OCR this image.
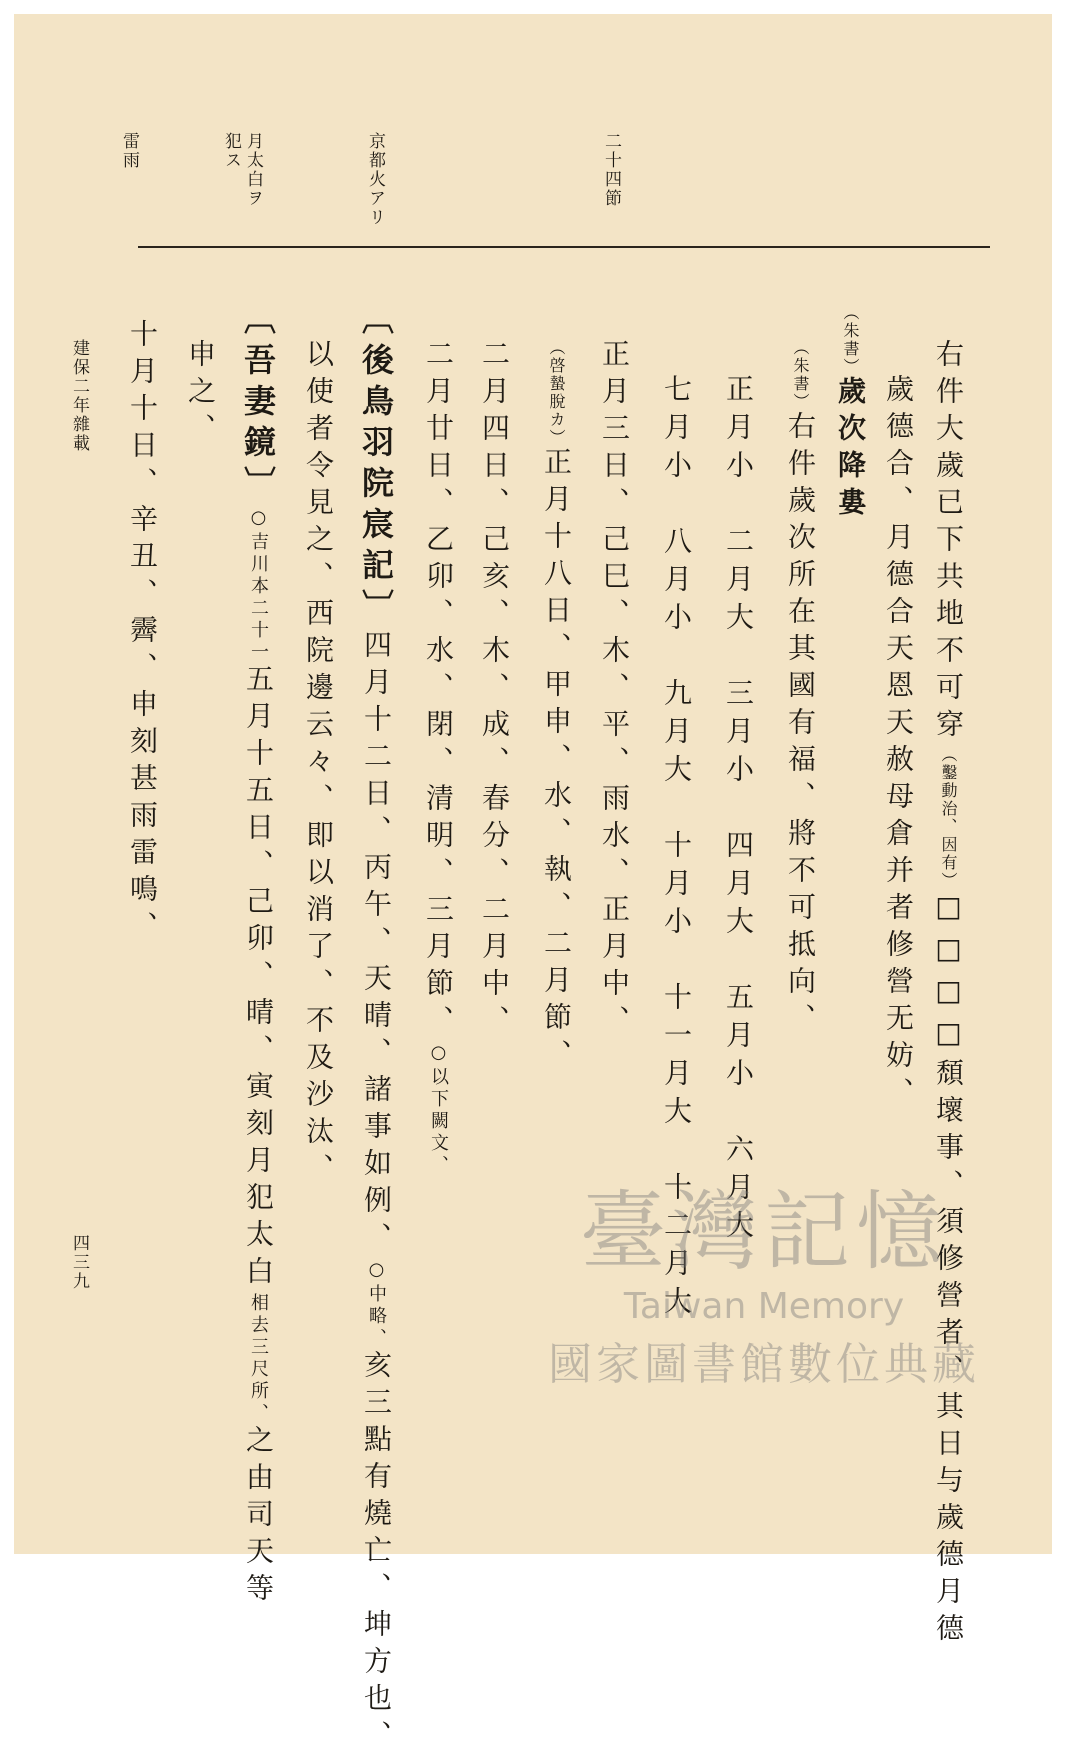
二十四節
京都火アリ
月太白ヲ
犯ス
雷雨
右件大歲已下共地不可穿（鑿動治、因有）□□□□頹壞事、須修營者、其日与歲德月德
歲德合、月德合天恩天赦母倉并者修營无妨、
（朱書）歲次降婁
（朱書）右件歲次所在其國有福、將不可抵向、
正月小　二月大　三月小　四月大　五月小　六月大
七月小　八月小　九月大　十月小　十一月大　十二月大
正月三日、己巳、木、平、雨水、正月中、
（啓蟄脫カ）正月十八日、甲申、水、執、二月節、
二月四日、己亥、木、成、春分、二月中、
二月廿日、乙卯、水、閉、清明、三月節、○以下闕文、
〔後鳥羽院宸記〕四月十二日、丙午、天晴、諸事如例、○中略、亥三點有燒亡、坤方也、
以使者令見之、西院邊云々、即以消了、不及沙汰、
〔吾妻鏡〕○吉川本二十一五月十五日、己卯、晴、寅刻月犯太白相去三尺所、之由司天等
申之、
十月十日、辛丑、霽、申刻甚雨雷鳴、
建保二年雜載
四三九	臺灣記憶
Taiwan Memory
國家圖書館數位典藏
